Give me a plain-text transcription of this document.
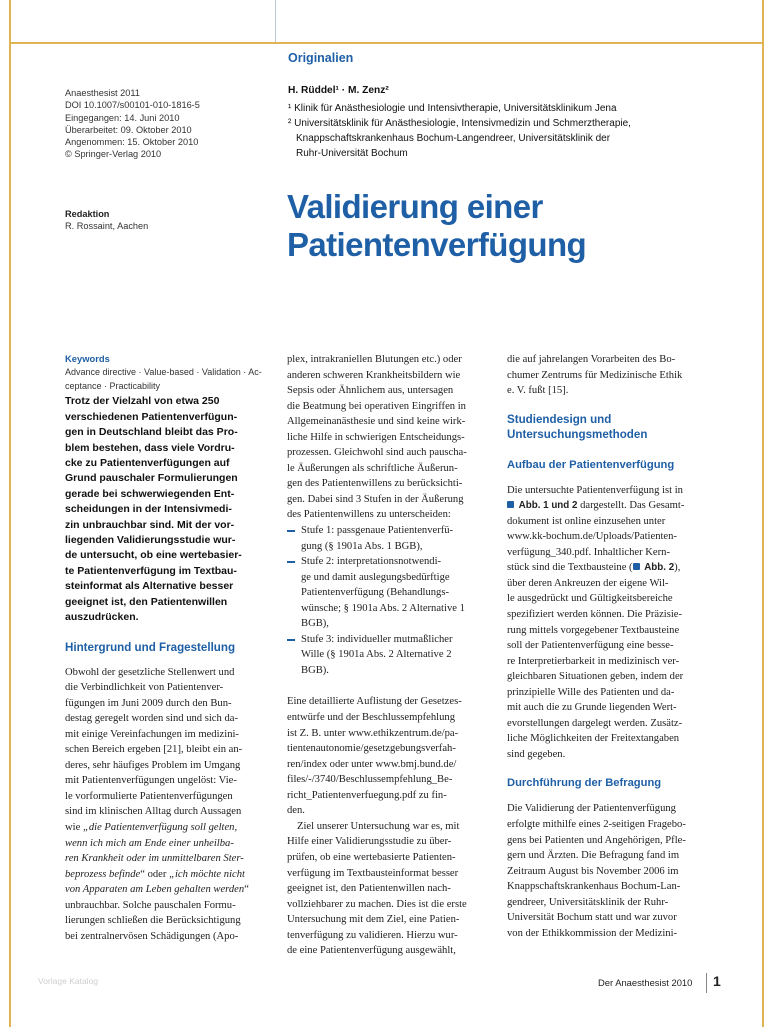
Originalien
Anaesthesist 2011
DOI 10.1007/s00101-010-1816-5
Eingegangen: 14. Juni 2010
Überarbeitet: 09. Oktober 2010
Angenommen: 15. Oktober 2010
© Springer-Verlag 2010
Redaktion
R. Rossaint, Aachen
H. Rüddel¹ · M. Zenz²
¹ Klinik für Anästhesiologie und Intensivtherapie, Universitätsklinikum Jena
² Universitätsklinik für Anästhesiologie, Intensivmedizin und Schmerztherapie,
Knappschaftskrankenhaus Bochum-Langendreer, Universitätsklinik der
Ruhr-Universität Bochum
Validierung einer
Patientenverfügung
Keywords
Advance directive · Value-based · Validation · Ac-
ceptance · Practicability
Trotz der Vielzahl von etwa 250
verschiedenen Patientenverfügun-
gen in Deutschland bleibt das Pro-
blem bestehen, dass viele Vordru-
cke zu Patientenverfügungen auf
Grund pauschaler Formulierungen
gerade bei schwerwiegenden Ent-
scheidungen in der Intensivmedi-
zin unbrauchbar sind. Mit der vor-
liegenden Validierungsstudie wur-
de untersucht, ob eine wertebasier-
te Patientenverfügung im Textbau-
steinformat als Alternative besser
geeignet ist, den Patientenwillen
auszudrücken.
Hintergrund und Fragestellung
Obwohl der gesetzliche Stellenwert und
die Verbindlichkeit von Patientenver-
fügungen im Juni 2009 durch den Bun-
destag geregelt worden sind und sich da-
mit einige Vereinfachungen im medizini-
schen Bereich ergeben [21], bleibt ein an-
deres, sehr häufiges Problem im Umgang
mit Patientenverfügungen ungelöst: Vie-
le vorformulierte Patientenverfügungen
sind im klinischen Alltag durch Aussagen
wie „die Patientenverfügung soll gelten,
wenn ich mich am Ende einer unheilba-
ren Krankheit oder im unmittelbaren Ster-
beprozess befinde“ oder „ich möchte nicht
von Apparaten am Leben gehalten werden“
unbrauchbar. Solche pauschalen Formu-
lierungen schließen die Berücksichtigung
bei zentralnervösen Schädigungen (Apo-
plex, intrakraniellen Blutungen etc.) oder
anderen schweren Krankheitsbildern wie
Sepsis oder Ähnlichem aus, untersagen
die Beatmung bei operativen Eingriffen in
Allgemeinanästhesie und sind keine wirk-
liche Hilfe in schwierigen Entscheidungs-
prozessen. Gleichwohl sind auch pauscha-
le Äußerungen als schriftliche Äußerun-
gen des Patientenwillens zu berücksichti-
gen. Dabei sind 3 Stufen in der Äußerung
des Patientenwillens zu unterscheiden:
Stufe 1: passgenaue Patientenverfü-
gung (§ 1901a Abs. 1 BGB),
Stufe 2: interpretationsnotwendi-
ge und damit auslegungsbedürftige
Patientenverfügung (Behandlungs-
wünsche; § 1901a Abs. 2 Alternative 1
BGB),
Stufe 3: individueller mutmaßlicher
Wille (§ 1901a Abs. 2 Alternative 2
BGB).
Eine detaillierte Auflistung der Gesetzes-
entwürfe und der Beschlussempfehlung
ist Z. B. unter www.ethikzentrum.de/pa-
tientenautonomie/gesetzgebungsverfah-
ren/index oder unter www.bmj.bund.de/
files/-/3740/Beschlussempfehlung_Be-
richt_Patientenverfuegung.pdf zu fin-
den.
Ziel unserer Untersuchung war es, mit
Hilfe einer Validierungsstudie zu über-
prüfen, ob eine wertebasierte Patienten-
verfügung im Textbausteinformat besser
geeignet ist, den Patientenwillen nach-
vollziehbarer zu machen. Dies ist die erste
Untersuchung mit dem Ziel, eine Patien-
tenverfügung zu validieren. Hierzu wur-
de eine Patientenverfügung ausgewählt,
die auf jahrelangen Vorarbeiten des Bo-
chumer Zentrums für Medizinische Ethik
e. V. fußt [15].
Studiendesign und
Untersuchungsmethoden
Aufbau der Patientenverfügung
Die untersuchte Patientenverfügung ist in
Abb. 1 und 2 dargestellt. Das Gesamt-
dokument ist online einzusehen unter
www.kk-bochum.de/Uploads/Patienten-
verfügung_340.pdf. Inhaltlicher Kern-
stück sind die Textbausteine ( Abb. 2),
über deren Ankreuzen der eigene Wil-
le ausgedrückt und Gültigkeitsbereiche
spezifiziert werden können. Die Präzisie-
rung mittels vorgegebener Textbausteine
soll der Patientenverfügung eine besse-
re Interpretierbarkeit in medizinisch ver-
gleichbaren Situationen geben, indem der
prinzipielle Wille des Patienten und da-
mit auch die zu Grunde liegenden Wert-
evorstellungen dargelegt werden. Zusätz-
liche Möglichkeiten der Freitextangaben
sind gegeben.
Durchführung der Befragung
Die Validierung der Patientenverfügung
erfolgte mithilfe eines 2-seitigen Fragebo-
gens bei Patienten und Angehörigen, Pfle-
gern und Ärzten. Die Befragung fand im
Zeitraum August bis November 2006 im
Knappschaftskrankenhaus Bochum-Lan-
gendreer, Universitätsklinik der Ruhr-
Universität Bochum statt und war zuvor
von der Ethikkommission der Medizini-
Vorlage Katalog	Der Anaesthesist 2010 1
